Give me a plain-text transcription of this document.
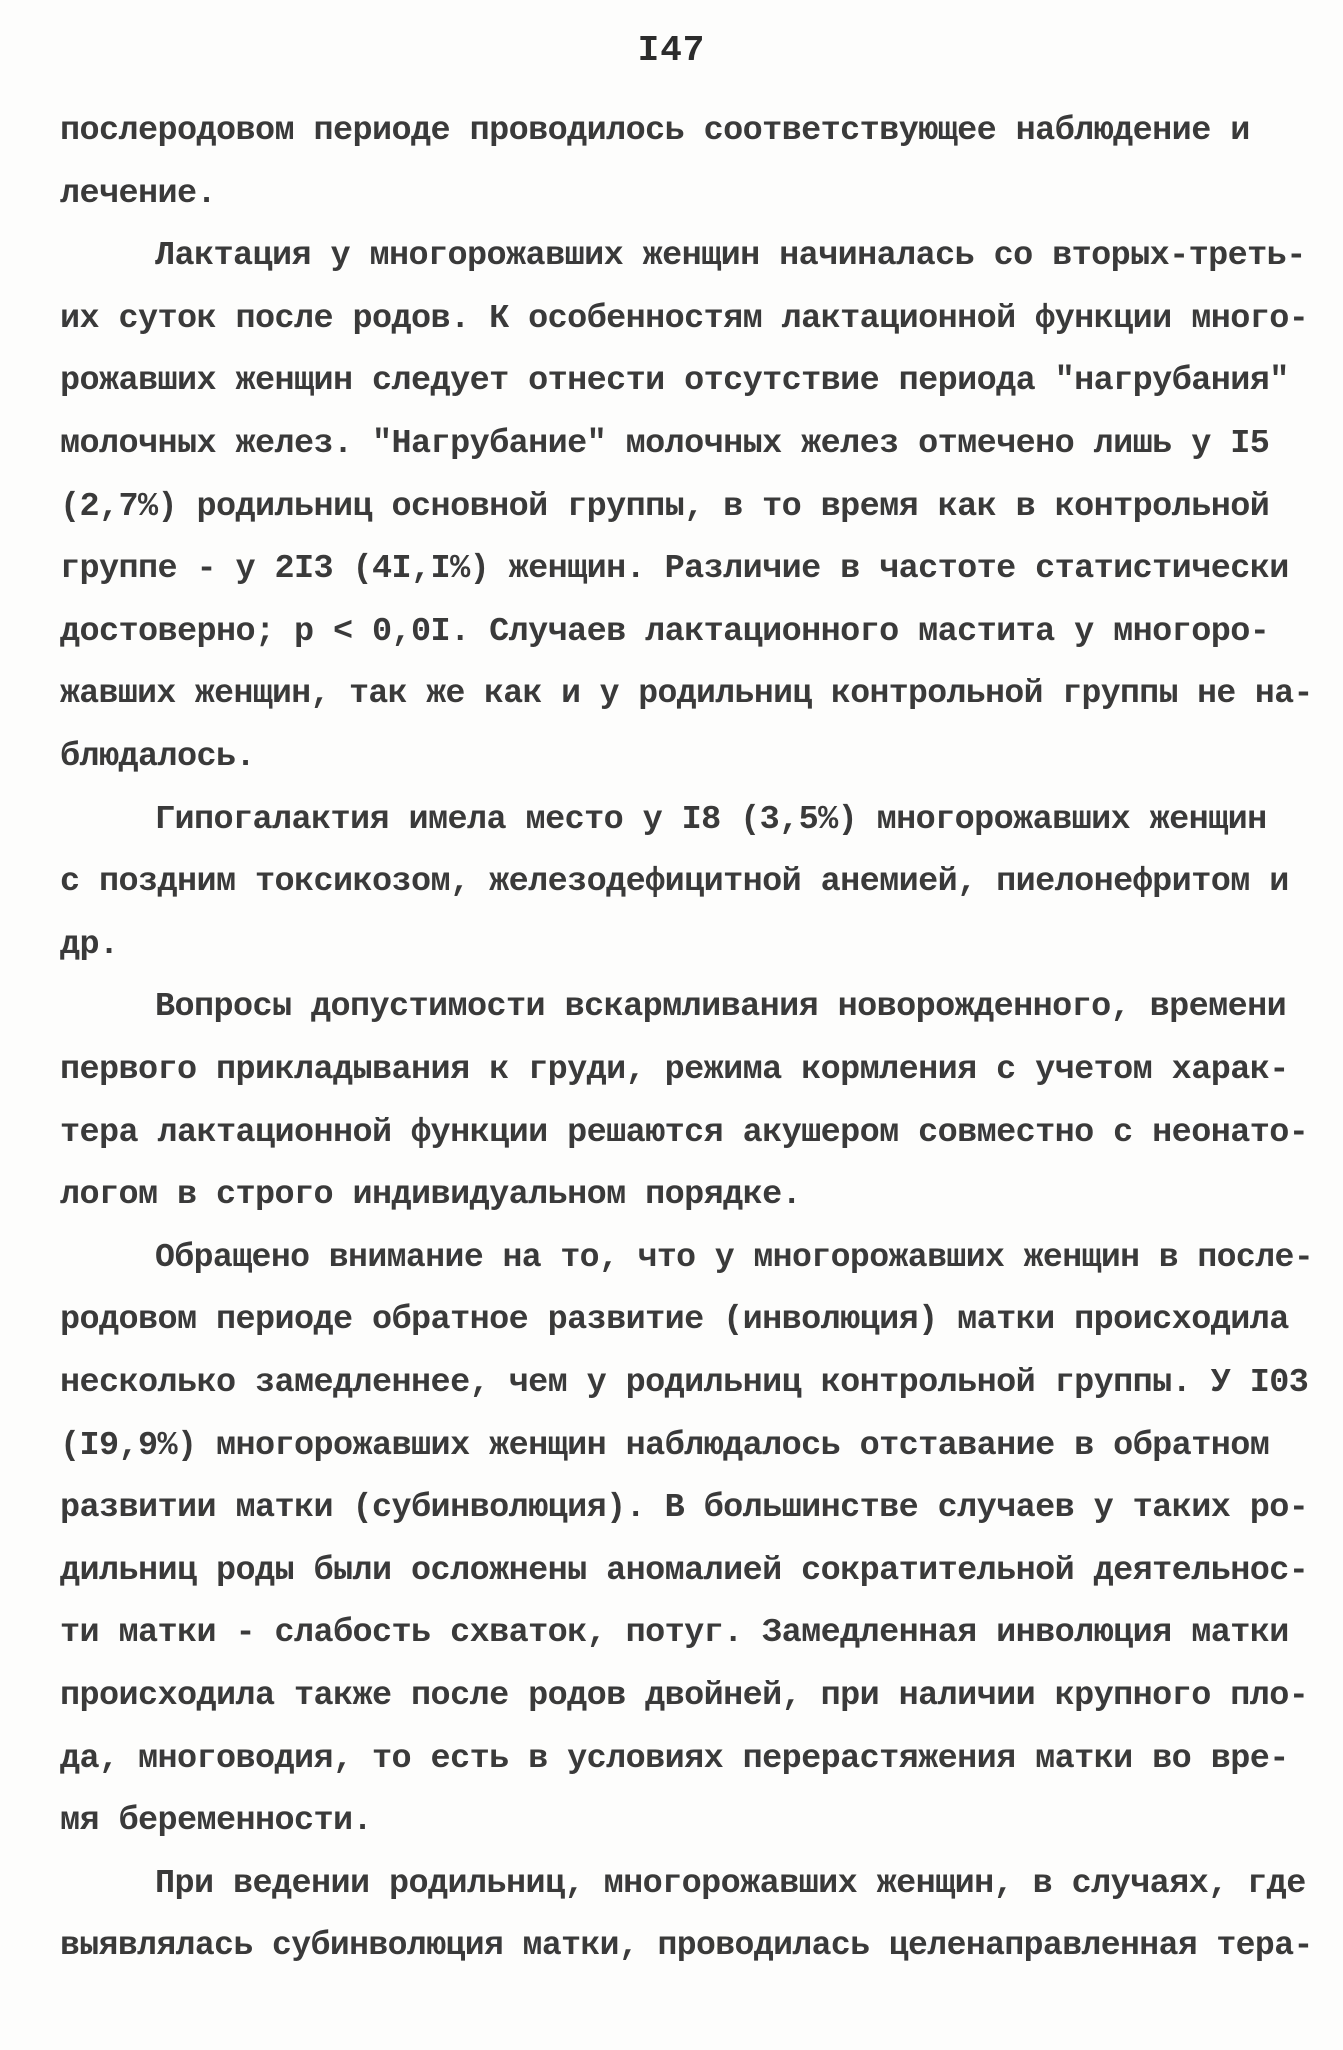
I47
послеродовом периоде проводилось соответствующее наблюдение и
лечение.
Лактация у многорожавших женщин начиналась со вторых-треть-
их суток после родов. К особенностям лактационной функции много-
рожавших женщин следует отнести отсутствие периода "нагрубания"
молочных желез. "Нагрубание" молочных желез отмечено лишь у I5
(2,7%) родильниц основной группы, в то время как в контрольной
группе - у 2I3 (4I,I%) женщин. Различие в частоте статистически
достоверно; p < 0,0I. Случаев лактационного мастита у многоро-
жавших женщин, так же как и у родильниц контрольной группы не на-
блюдалось.
Гипогалактия имела место у I8 (3,5%) многорожавших женщин
с поздним токсикозом, железодефицитной анемией, пиелонефритом и
др.
Вопросы допустимости вскармливания новорожденного, времени
первого прикладывания к груди, режима кормления с учетом харак-
тера лактационной функции решаются акушером совместно с неонато-
логом в строго индивидуальном порядке.
Обращено внимание на то, что у многорожавших женщин в после-
родовом периоде обратное развитие (инволюция) матки происходила
несколько замедленнее, чем у родильниц контрольной группы. У I03
(I9,9%) многорожавших женщин наблюдалось отставание в обратном
развитии матки (субинволюция). В большинстве случаев у таких ро-
дильниц роды были осложнены аномалией сократительной деятельнос-
ти матки - слабость схваток, потуг. Замедленная инволюция матки
происходила также после родов двойней, при наличии крупного пло-
да, многоводия, то есть в условиях перерастяжения матки во вре-
мя беременности.
При ведении родильниц, многорожавших женщин, в случаях, где
выявлялась субинволюция матки, проводилась целенаправленная тера-
